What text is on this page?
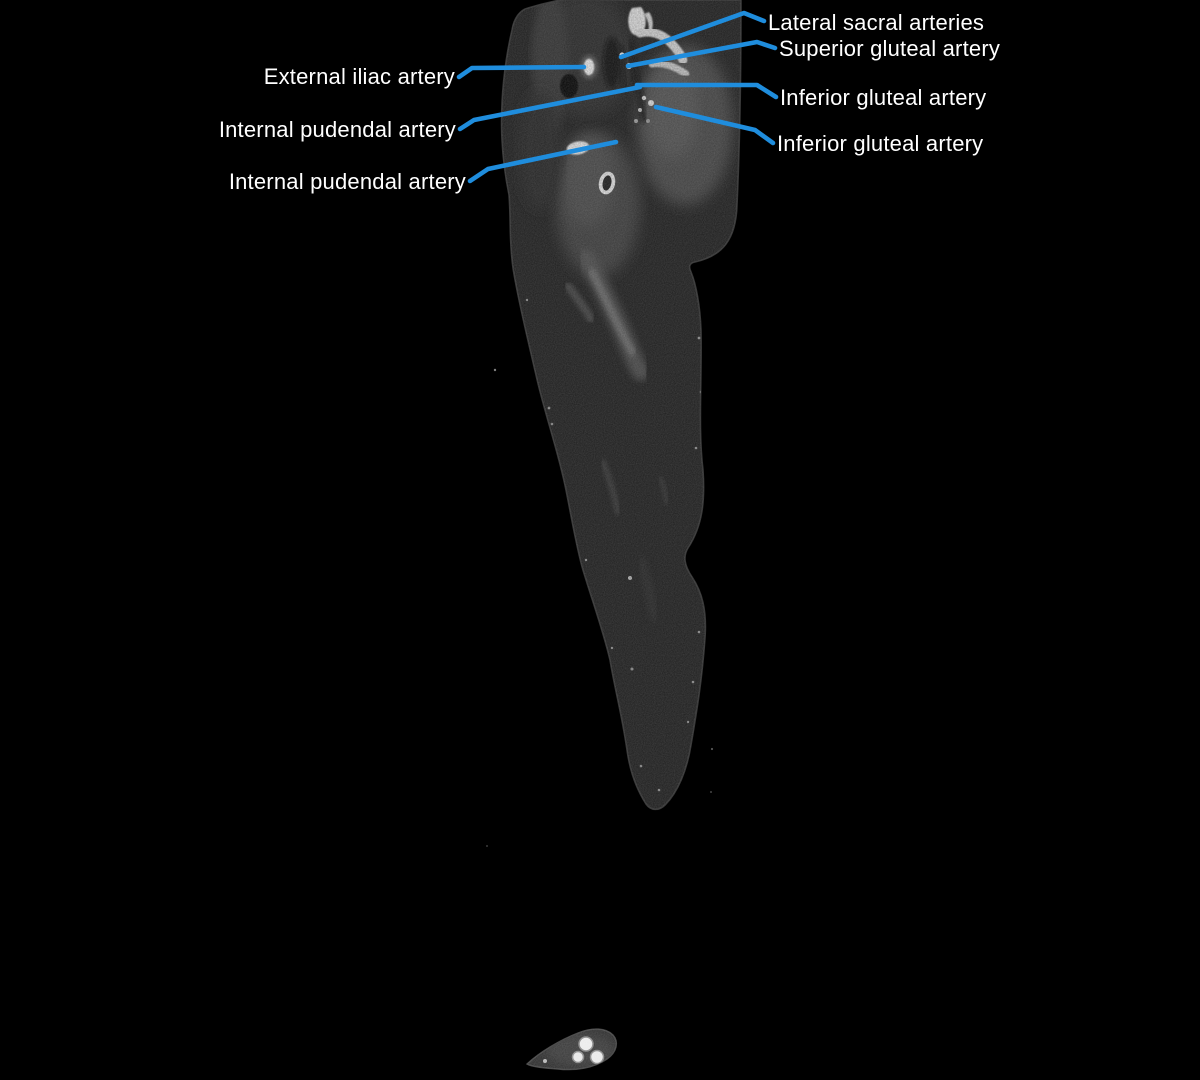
Lateral sacral arteries
Superior gluteal artery
External iliac artery
Inferior gluteal artery
Internal pudendal artery
Inferior gluteal artery
Internal pudendal artery
